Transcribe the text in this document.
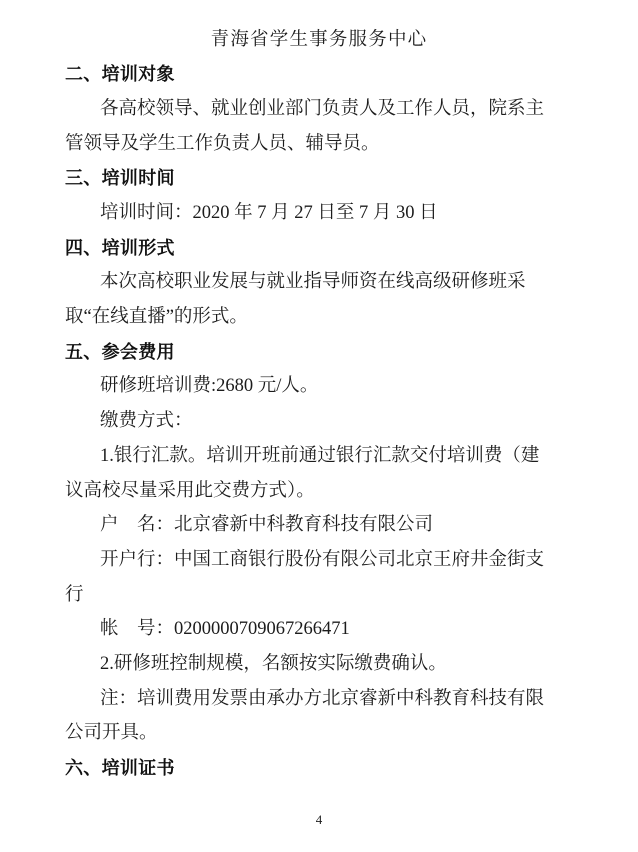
青海省学生事务服务中心
二、培训对象
各高校领导、就业创业部门负责人及工作人员，院系主
管领导及学生工作负责人员、辅导员。
三、培训时间
培训时间：2020 年 7 月 27 日至 7 月 30 日
四、培训形式
本次高校职业发展与就业指导师资在线高级研修班采
取“在线直播”的形式。
五、参会费用
研修班培训费:2680 元/人。
缴费方式：
1.银行汇款。培训开班前通过银行汇款交付培训费（建
议高校尽量采用此交费方式）。
户　名：北京睿新中科教育科技有限公司
开户行：中国工商银行股份有限公司北京王府井金街支
行
帐　号：0200000709067266471
2.研修班控制规模，名额按实际缴费确认。
注：培训费用发票由承办方北京睿新中科教育科技有限
公司开具。
六、培训证书
4
